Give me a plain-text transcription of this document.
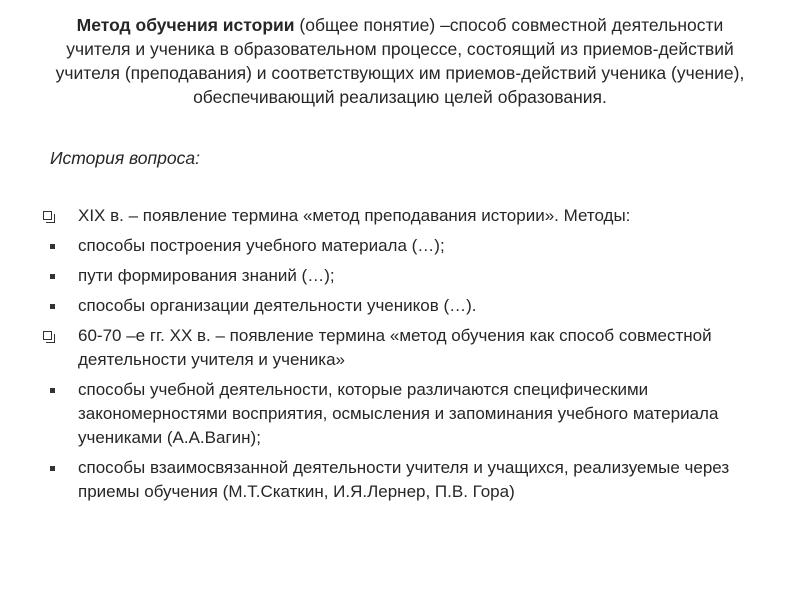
Метод обучения истории (общее понятие) –способ совместной деятельности учителя и ученика в образовательном процессе, состоящий из приемов-действий учителя (преподавания) и соответствующих им приемов-действий ученика (учение), обеспечивающий реализацию целей образования.

История вопроса:
XIX в. – появление термина «метод преподавания истории». Методы:
способы построения учебного материала (…);
пути формирования знаний (…);
способы организации деятельности учеников (…).
60-70 –е гг. XX в. – появление термина «метод обучения как способ совместной деятельности учителя и ученика»
способы учебной деятельности, которые различаются специфическими закономерностями восприятия, осмысления и запоминания учебного материала учениками (А.А.Вагин);
способы взаимосвязанной деятельности учителя и учащихся, реализуемые через приемы обучения (М.Т.Скаткин, И.Я.Лернер, П.В. Гора)
